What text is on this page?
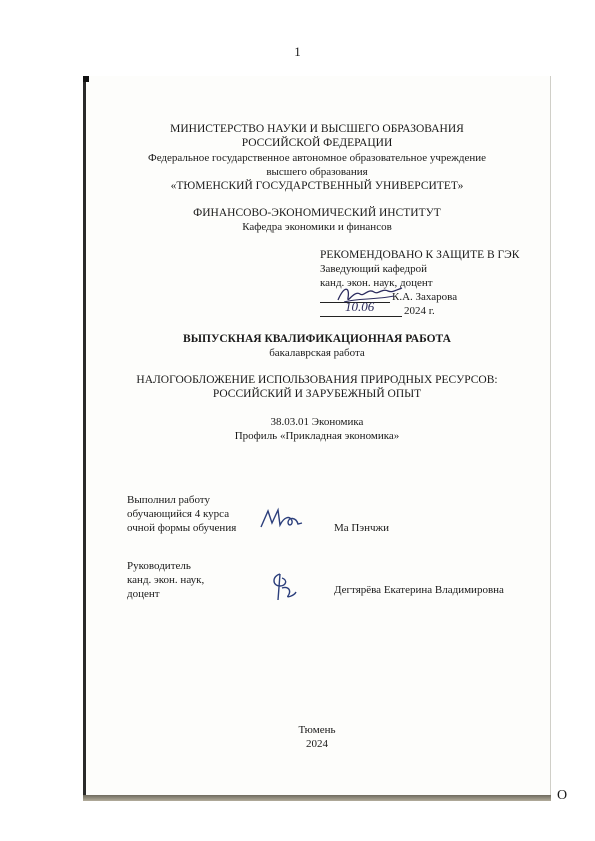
1
О
МИНИСТЕРСТВО НАУКИ И ВЫСШЕГО ОБРАЗОВАНИЯ
РОССИЙСКОЙ ФЕДЕРАЦИИ
Федеральное государственное автономное образовательное учреждение
высшего образования
«ТЮМЕНСКИЙ ГОСУДАРСТВЕННЫЙ УНИВЕРСИТЕТ»
ФИНАНСОВО-ЭКОНОМИЧЕСКИЙ ИНСТИТУТ
Кафедра экономики и финансов
РЕКОМЕНДОВАНО К ЗАЩИТЕ В ГЭК
Заведующий кафедрой
канд. экон. наук, доцент
К.А. Захарова
10.06	2024 г.
ВЫПУСКНАЯ КВАЛИФИКАЦИОННАЯ РАБОТА
бакалаврская работа
НАЛОГООБЛОЖЕНИЕ ИСПОЛЬЗОВАНИЯ ПРИРОДНЫХ РЕСУРСОВ:
РОССИЙСКИЙ И ЗАРУБЕЖНЫЙ ОПЫТ
38.03.01 Экономика
Профиль «Прикладная экономика»
Выполнил работу
обучающийся 4 курса
очной формы обучения	Ма Пэнчжи
Руководитель
канд. экон. наук,
доцент	Дегтярёва Екатерина Владимировна
Тюмень
2024
